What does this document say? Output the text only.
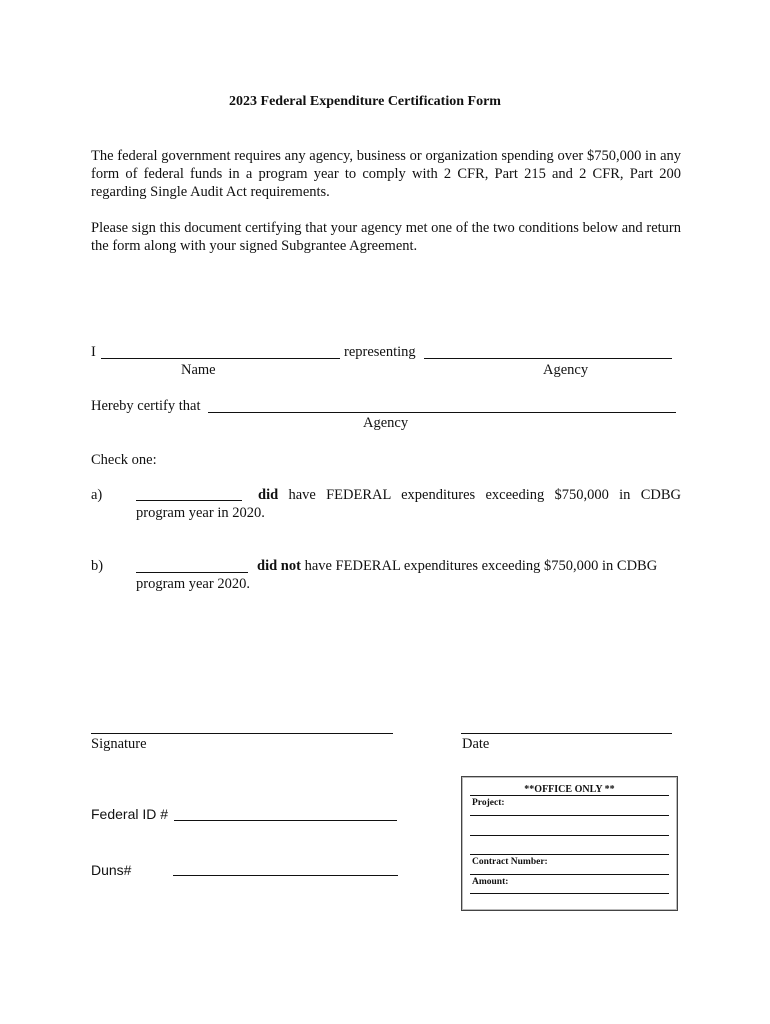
2023 Federal Expenditure Certification Form
The federal government requires any agency, business or organization spending over $750,000 in any form of federal funds in a program year to comply with 2 CFR, Part 215 and 2 CFR, Part 200 regarding Single Audit Act requirements.
Please sign this document certifying that your agency met one of the two conditions below and return the form along with your signed Subgrantee Agreement.
I	representing
Name	Agency
Hereby certify that
Agency
Check one:
a)	did have FEDERAL expenditures exceeding $750,000 in CDBG
program year in 2020.
b)	did not have FEDERAL expenditures exceeding $750,000 in CDBG
program year 2020.
Signature	Date
Federal ID #
Duns#
**OFFICE ONLY **
Project:
Contract Number:
Amount:
